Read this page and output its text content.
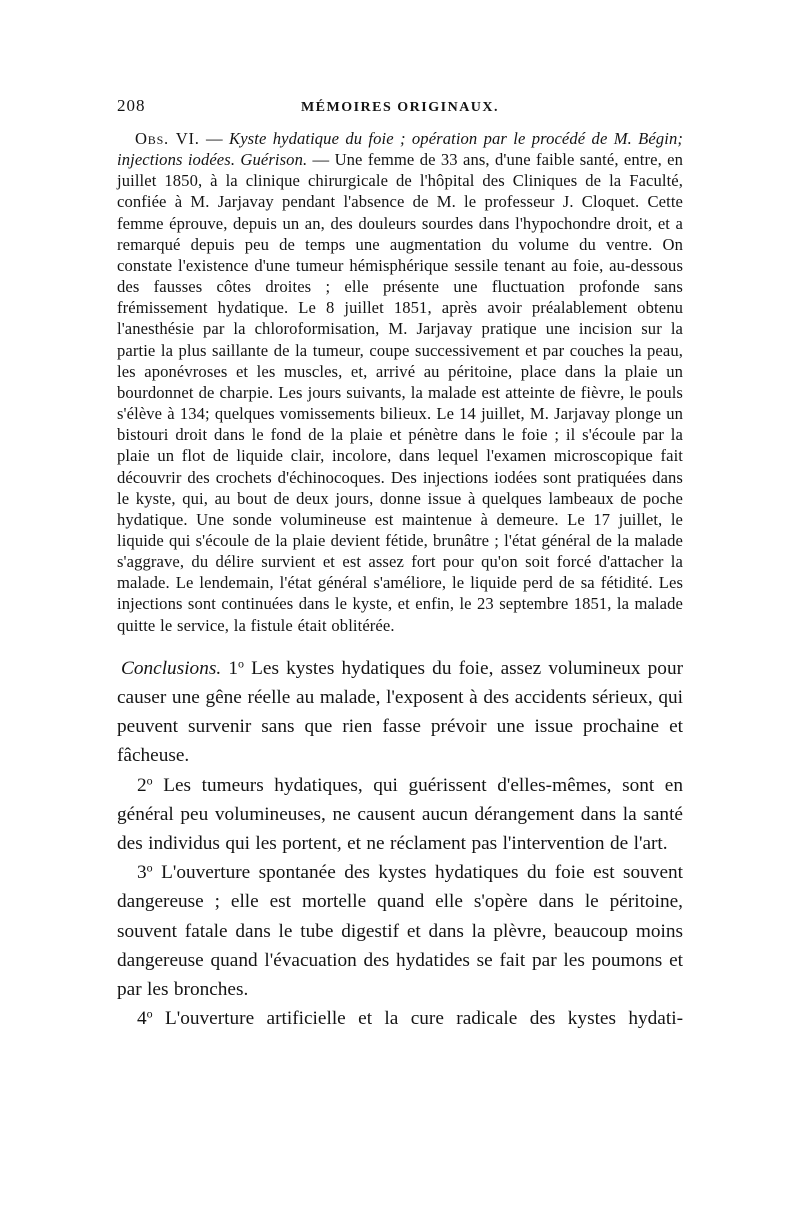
208	MÉMOIRES ORIGINAUX.

Obs. VI. — Kyste hydatique du foie ; opération par le procédé de M. Bégin; injections iodées. Guérison. — Une femme de 33 ans, d'une faible santé, entre, en juillet 1850, à la clinique chirurgicale de l'hôpital des Cliniques de la Faculté, confiée à M. Jarjavay pendant l'absence de M. le professeur J. Cloquet. Cette femme éprouve, depuis un an, des douleurs sourdes dans l'hypochondre droit, et a remarqué depuis peu de temps une augmentation du volume du ventre. On constate l'existence d'une tumeur hémisphérique sessile tenant au foie, au-dessous des fausses côtes droites ; elle présente une fluctuation profonde sans frémissement hydatique. Le 8 juillet 1851, après avoir préalablement obtenu l'anesthésie par la chloroformisation, M. Jarjavay pratique une incision sur la partie la plus saillante de la tumeur, coupe successivement et par couches la peau, les aponévroses et les muscles, et, arrivé au péritoine, place dans la plaie un bourdonnet de charpie. Les jours suivants, la malade est atteinte de fièvre, le pouls s'élève à 134; quelques vomissements bilieux. Le 14 juillet, M. Jarjavay plonge un bistouri droit dans le fond de la plaie et pénètre dans le foie ; il s'écoule par la plaie un flot de liquide clair, incolore, dans lequel l'examen microscopique fait découvrir des crochets d'échinocoques. Des injections iodées sont pratiquées dans le kyste, qui, au bout de deux jours, donne issue à quelques lambeaux de poche hydatique. Une sonde volumineuse est maintenue à demeure. Le 17 juillet, le liquide qui s'écoule de la plaie devient fétide, brunâtre ; l'état général de la malade s'aggrave, du délire survient et est assez fort pour qu'on soit forcé d'attacher la malade. Le lendemain, l'état général s'améliore, le liquide perd de sa fétidité. Les injections sont continuées dans le kyste, et enfin, le 23 septembre 1851, la malade quitte le service, la fistule était oblitérée.

Conclusions. 1$^o$ Les kystes hydatiques du foie, assez volumineux pour causer une gêne réelle au malade, l'exposent à des accidents sérieux, qui peuvent survenir sans que rien fasse prévoir une issue prochaine et fâcheuse.

2$^o$ Les tumeurs hydatiques, qui guérissent d'elles-mêmes, sont en général peu volumineuses, ne causent aucun dérangement dans la santé des individus qui les portent, et ne réclament pas l'intervention de l'art.

3$^o$ L'ouverture spontanée des kystes hydatiques du foie est souvent dangereuse ; elle est mortelle quand elle s'opère dans le péritoine, souvent fatale dans le tube digestif et dans la plèvre, beaucoup moins dangereuse quand l'évacuation des hydatides se fait par les poumons et par les bronches.

4$^o$ L'ouverture artificielle et la cure radicale des kystes hydati-
